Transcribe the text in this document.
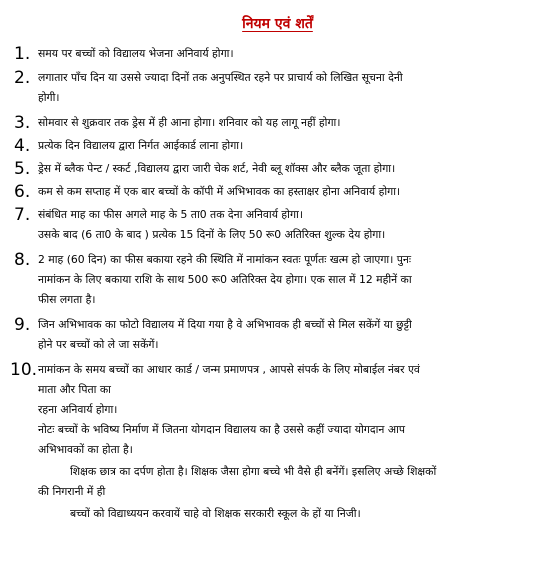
नियम एवं शर्तें
1. समय पर बच्चों को विद्यालय भेजना अनिवार्य होगा।
2. लगातार पाँच दिन या उससे ज्यादा दिनों तक अनुपस्थित रहने पर प्राचार्य को लिखित सूचना देनी
होगी।
3. सोमवार से शुक्रवार तक ड्रेस में ही आना होगा। शनिवार को यह लागू नहीं होगा।
4. प्रत्येक दिन विद्यालय द्वारा निर्गत आईकार्ड लाना होगा।
5. ड्रेस में ब्लैक पेन्ट / स्कर्ट ,विद्यालय द्वारा जारी चेक शर्ट, नेवी ब्लू शॉक्स और ब्लैक जूता होगा।
6. कम से कम सप्ताह में एक बार बच्चों के कॉपी में अभिभावक का हस्ताक्षर होना अनिवार्य होगा।
7. संबंधित माह का फीस अगले माह के 5 ता0 तक देना अनिवार्य होगा।
उसके बाद (6 ता0 के बाद ) प्रत्येक 15 दिनों के लिए 50 रू0 अतिरिक्त शुल्क देय होगा।
8. 2 माह (60 दिन) का फीस बकाया रहने की स्थिति में नामांकन स्वतः पूर्णतः खत्म हो जाएगा। पुनः
नामांकन के लिए बकाया राशि के साथ 500 रू0 अतिरिक्त देय होगा। एक साल में 12 महीनें का
फीस लगता है।
9. जिन अभिभावक का फोटो विद्यालय में दिया गया है वे अभिभावक ही बच्चों से मिल सकेंगें या छुट्टी
होने पर बच्चों को ले जा सकेंगें।
10. नामांकन के समय बच्चों का आधार कार्ड / जन्म प्रमाणपत्र , आपसे संपर्क के लिए मोबाईल नंबर एवं
माता और पिता का
रहना अनिवार्य होगा।
नोटः बच्चों के भविष्य निर्माण में जितना योगदान विद्यालय का है उससे कहीं ज्यादा योगदान आप
अभिभावकों का होता है।
शिक्षक छात्र का दर्पण होता है। शिक्षक जैसा होगा बच्चे भी वैसे ही बनेंगें। इसलिए अच्छे शिक्षकों
की निगरानी में ही
बच्चों को विद्याध्ययन करवायें चाहे वो शिक्षक सरकारी स्कूल के हों या निजी।
